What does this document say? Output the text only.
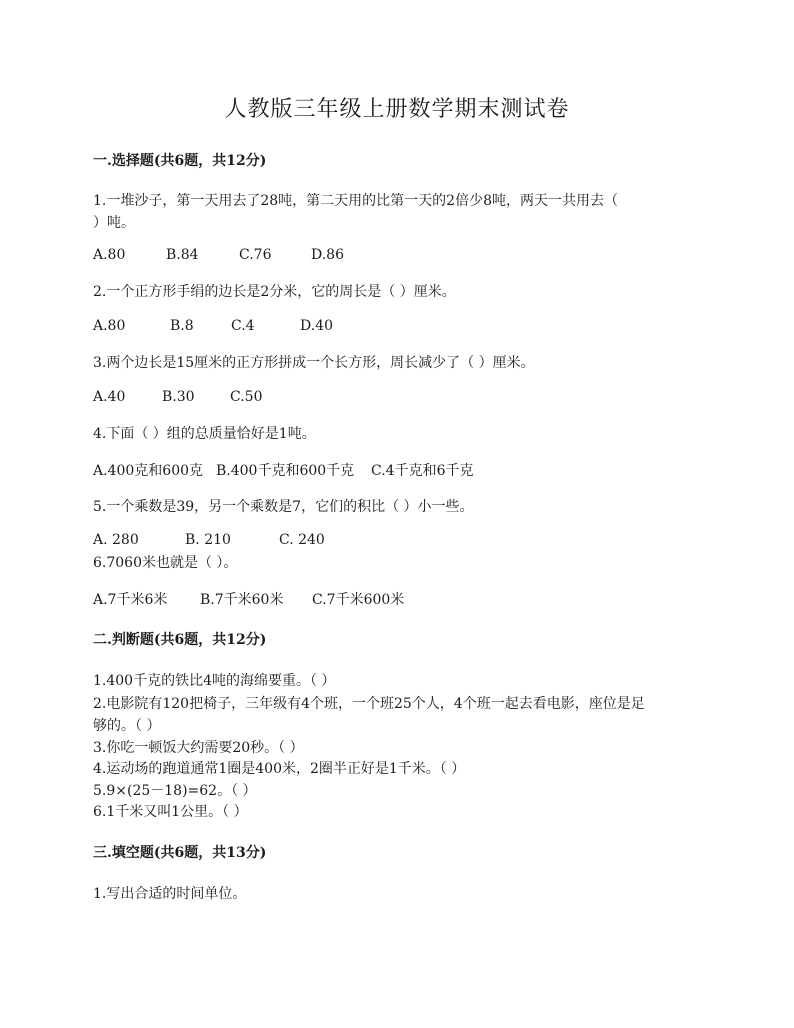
人教版三年级上册数学期末测试卷
一.选择题(共6题，共12分)
1.一堆沙子，第一天用去了28吨，第二天用的比第一天的2倍少8吨，两天一共用去（
）吨。
A.80	B.84	C.76	D.86
2.一个正方形手绢的边长是2分米，它的周长是（ ）厘米。
A.80	B.8	C.4	D.40
3.两个边长是15厘米的正方形拼成一个长方形，周长减少了（ ）厘米。
A.40	B.30	C.50
4.下面（ ）组的总质量恰好是1吨。
A.400克和600克 B.400千克和600千克 C.4千克和6千克
5.一个乘数是39，另一个乘数是7，它们的积比（ ）小一些。
A. 280	B. 210	C. 240
6.7060米也就是（ ）。
A.7千米6米 B.7千米60米 C.7千米600米
二.判断题(共6题，共12分)
1.400千克的铁比4吨的海绵要重。（ ）
2.电影院有120把椅子，三年级有4个班，一个班25个人，4个班一起去看电影，座位是足
够的。（ ）
3.你吃一顿饭大约需要20秒。（ ）
4.运动场的跑道通常1圈是400米，2圈半正好是1千米。（ ）
5.9×(25－18)=62。（ ）
6.1千米又叫1公里。（ ）
三.填空题(共6题，共13分)
1.写出合适的时间单位。
